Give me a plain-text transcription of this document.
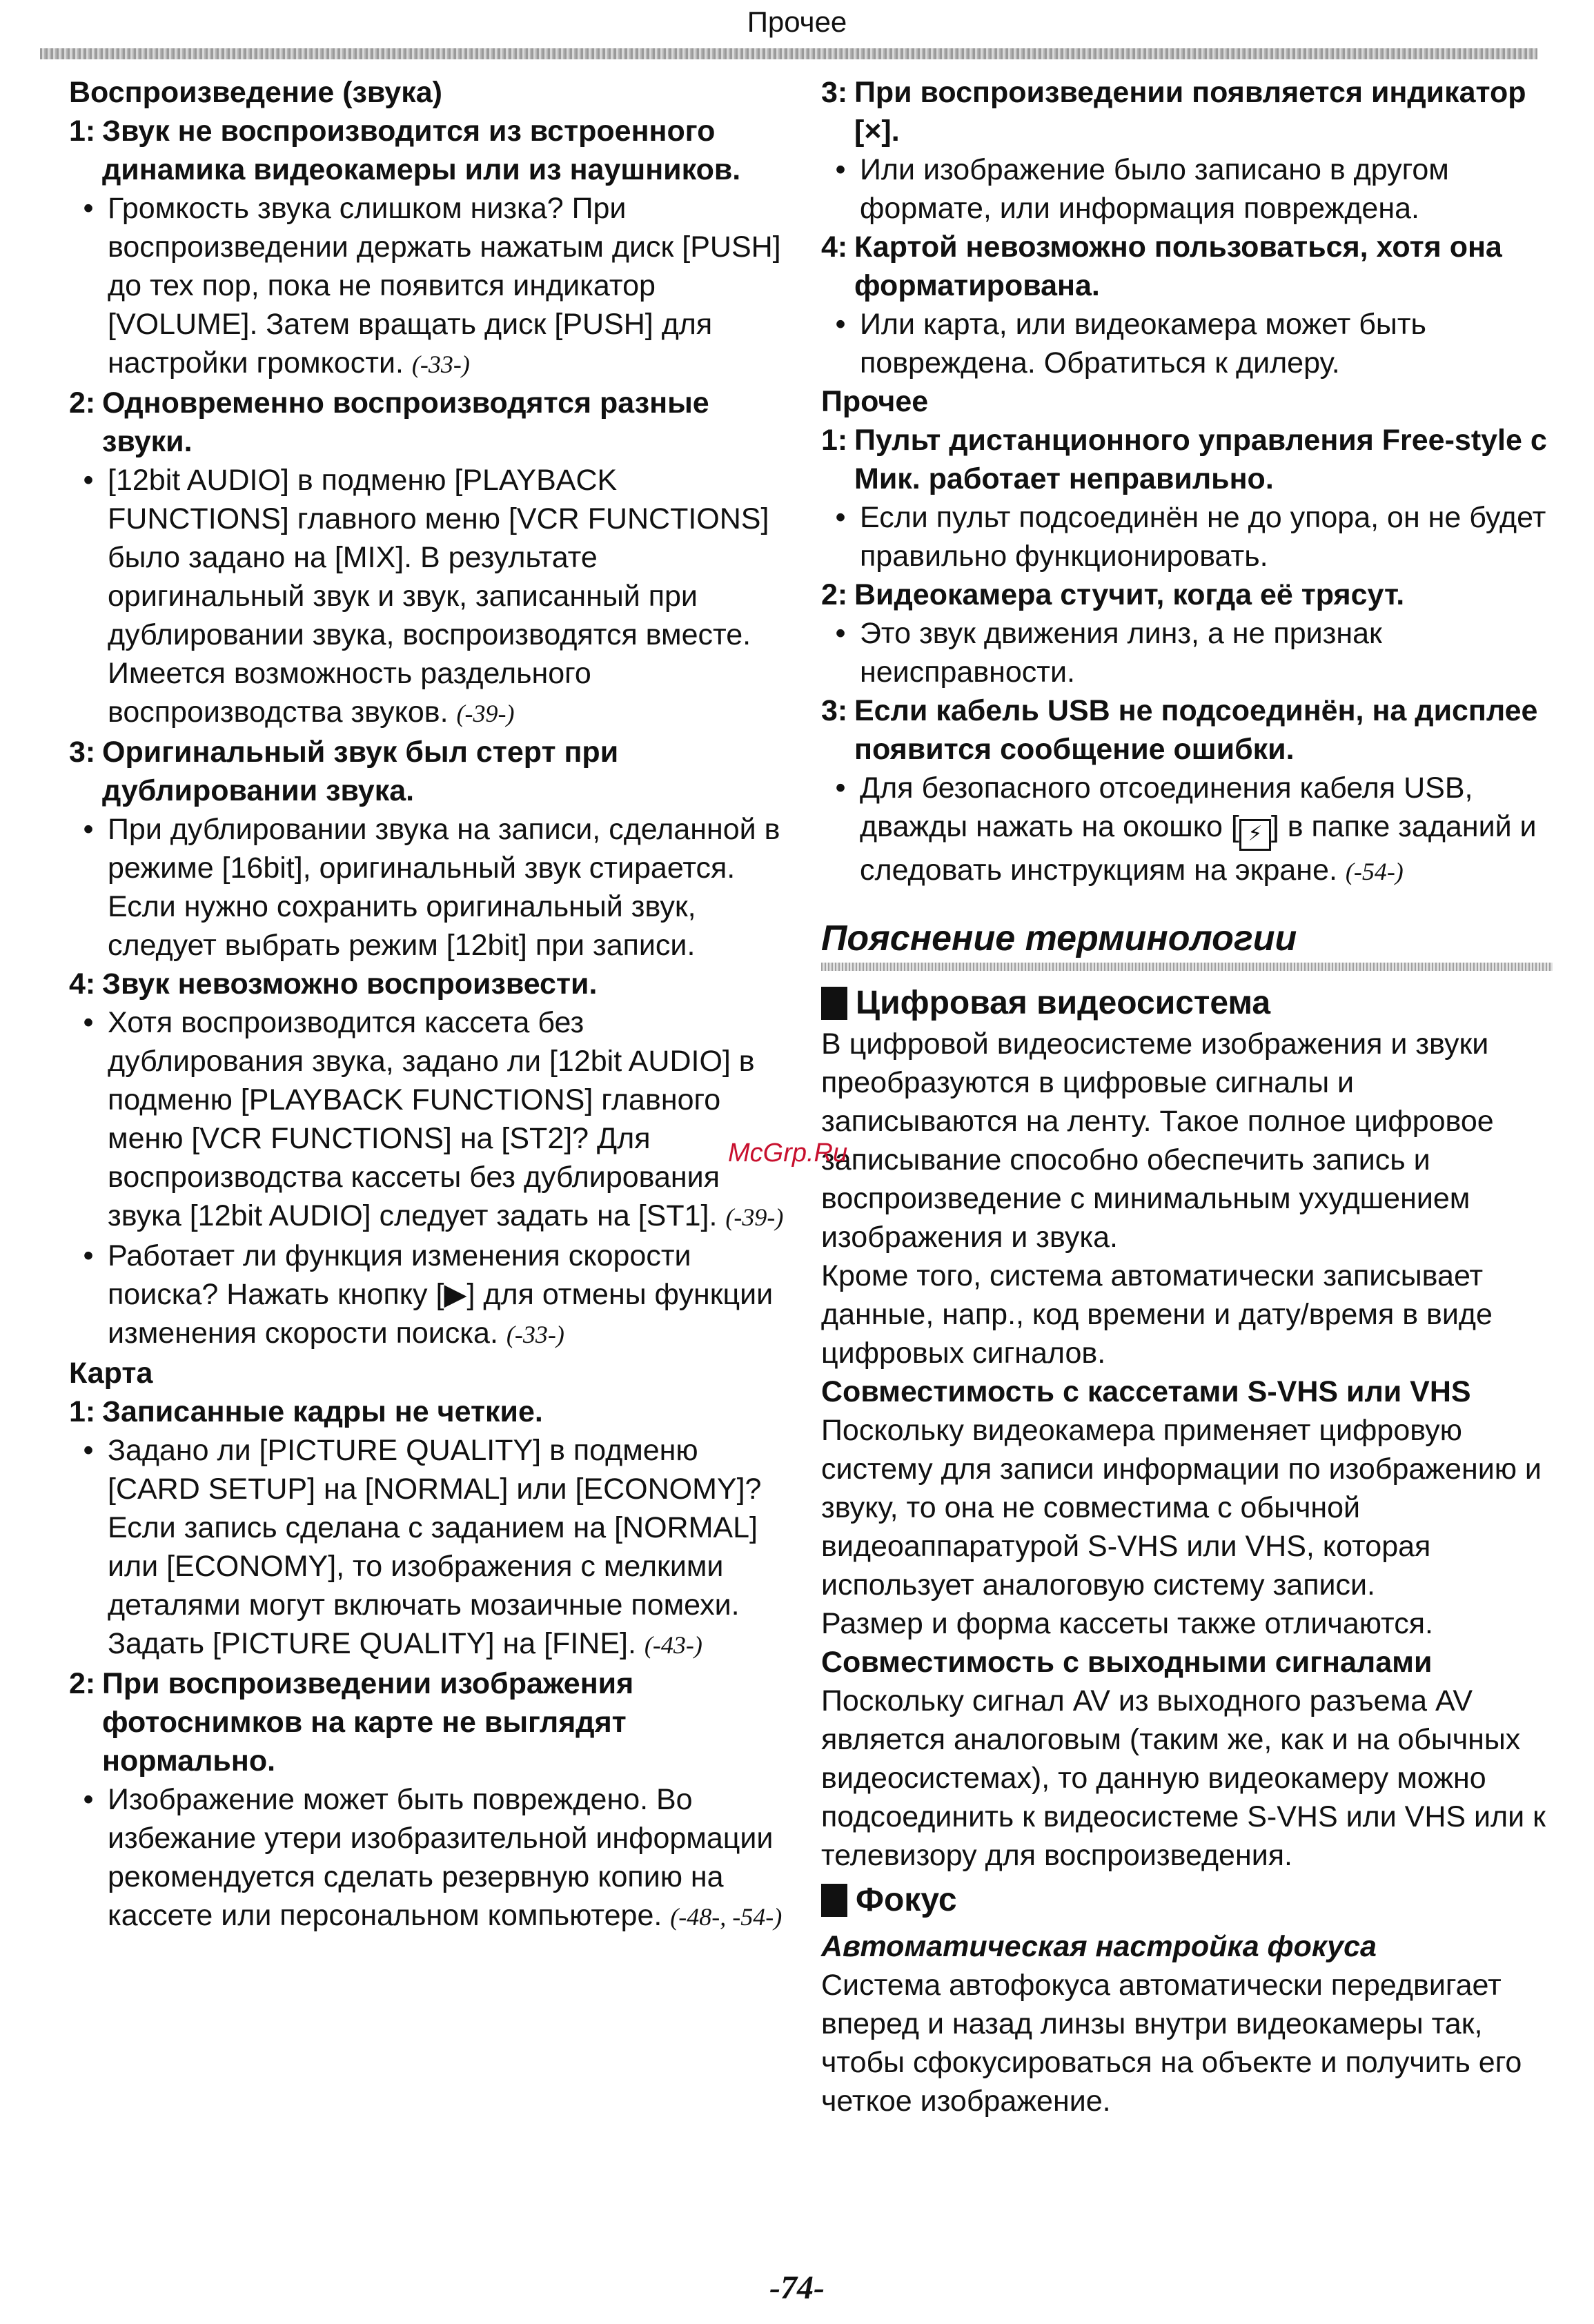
Прочее
Воспроизведение (звука)
1: Звук не воспроизводится из встроенного динамика видеокамеры или из наушников.
• Громкость звука слишком низка? При воспроизведении держать нажатым диск [PUSH] до тех пор, пока не появится индикатор [VOLUME]. Затем вращать диск [PUSH] для настройки громкости. (-33-)
2: Одновременно воспроизводятся разные звуки.
• [12bit AUDIO] в подменю [PLAYBACK FUNCTIONS] главного меню [VCR FUNCTIONS] было задано на [MIX]. В результате оригинальный звук и звук, записанный при дублировании звука, воспроизводятся вместе. Имеется возможность раздельного воспроизводства звуков. (-39-)
3: Оригинальный звук был стерт при дублировании звука.
• При дублировании звука на записи, сделанной в режиме [16bit], оригинальный звук стирается. Если нужно сохранить оригинальный звук, следует выбрать режим [12bit] при записи.
4: Звук невозможно воспроизвести.
• Хотя воспроизводится кассета без дублирования звука, задано ли [12bit AUDIO] в подменю [PLAYBACK FUNCTIONS] главного меню [VCR FUNCTIONS] на [ST2]? Для воспроизводства кассеты без дублирования звука [12bit AUDIO] следует задать на [ST1]. (-39-)
• Работает ли функция изменения скорости поиска? Нажать кнопку [▶] для отмены функции изменения скорости поиска. (-33-)
Карта
1: Записанные кадры не четкие.
• Задано ли [PICTURE QUALITY] в подменю [CARD SETUP] на [NORMAL] или [ECONOMY]? Если запись сделана с заданием на [NORMAL] или [ECONOMY], то изображения с мелкими деталями могут включать мозаичные помехи. Задать [PICTURE QUALITY] на [FINE]. (-43-)
2: При воспроизведении изображения фотоснимков на карте не выглядят нормально.
• Изображение может быть повреждено. Во избежание утери изобразительной информации рекомендуется сделать резервную копию на кассете или персональном компьютере. (-48-, -54-)
3: При воспроизведении появляется индикатор [×].
• Или изображение было записано в другом формате, или информация повреждена.
4: Картой невозможно пользоваться, хотя она форматирована.
• Или карта, или видеокамера может быть повреждена. Обратиться к дилеру.
Прочее
1: Пульт дистанционного управления Free-style с Мик. работает неправильно.
• Если пульт подсоединён не до упора, он не будет правильно функционировать.
2: Видеокамера стучит, когда её трясут.
• Это звук движения линз, а не признак неисправности.
3: Если кабель USB не подсоединён, на дисплее появится сообщение ошибки.
• Для безопасного отсоединения кабеля USB, дважды нажать на окошко [ ⚡ ] в папке заданий и следовать инструкциям на экране. (-54-)
Пояснение терминологии
Цифровая видеосистема
В цифровой видеосистеме изображения и звуки преобразуются в цифровые сигналы и записываются на ленту. Такое полное цифровое записывание способно обеспечить запись и воспроизведение с минимальным ухудшением изображения и звука.
Кроме того, система автоматически записывает данные, напр., код времени и дату/время в виде цифровых сигналов.
Совместимость с кассетами S-VHS или VHS
Поскольку видеокамера применяет цифровую систему для записи информации по изображению и звуку, то она не совместима с обычной видеоаппаратурой S-VHS или VHS, которая использует аналоговую систему записи.
Размер и форма кассеты также отличаются.
Совместимость с выходными сигналами
Поскольку сигнал AV из выходного разъема AV является аналоговым (таким же, как и на обычных видеосистемах), то данную видеокамеру можно подсоединить к видеосистеме S-VHS или VHS или к телевизору для воспроизведения.
Фокус
Автоматическая настройка фокуса
Система автофокуса автоматически передвигает вперед и назад линзы внутри видеокамеры так, чтобы сфокусироваться на объекте и получить его четкое изображение.
McGrp.Ru
-74-
